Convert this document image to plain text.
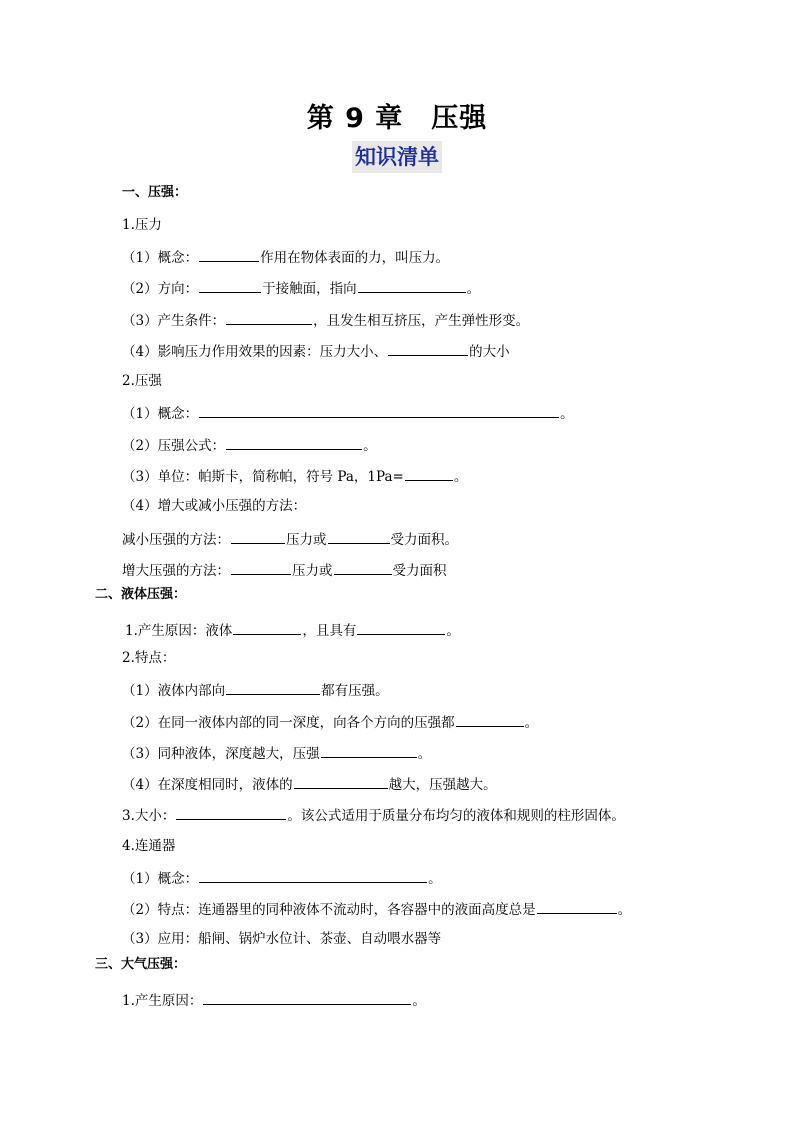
第 9 章 压强
知识清单
一、压强：
1.压力
（1）概念：	作用在物体表面的力，叫压力。
（2）方向：	于接触面，指向	。
（3）产生条件：	，且发生相互挤压，产生弹性形变。
（4）影响压力作用效果的因素：压力大小、	的大小
2.压强
（1）概念：	。
（2）压强公式：	。
（3）单位：帕斯卡，简称帕，符号 Pa，1Pa=	。
（4）增大或减小压强的方法：
减小压强的方法：	压力或	受力面积。
增大压强的方法：	压力或	受力面积
二、液体压强：
1.产生原因：液体	，且具有	。
2.特点：
（1）液体内部向	都有压强。
（2）在同一液体内部的同一深度，向各个方向的压强都	。
（3）同种液体，深度越大，压强	。
（4）在深度相同时，液体的	越大，压强越大。
3.大小：	。该公式适用于质量分布均匀的液体和规则的柱形固体。
4.连通器
（1）概念：	。
（2）特点：连通器里的同种液体不流动时，各容器中的液面高度总是	。
（3）应用：船闸、锅炉水位计、茶壶、自动喂水器等
三、大气压强：
1.产生原因：	。
